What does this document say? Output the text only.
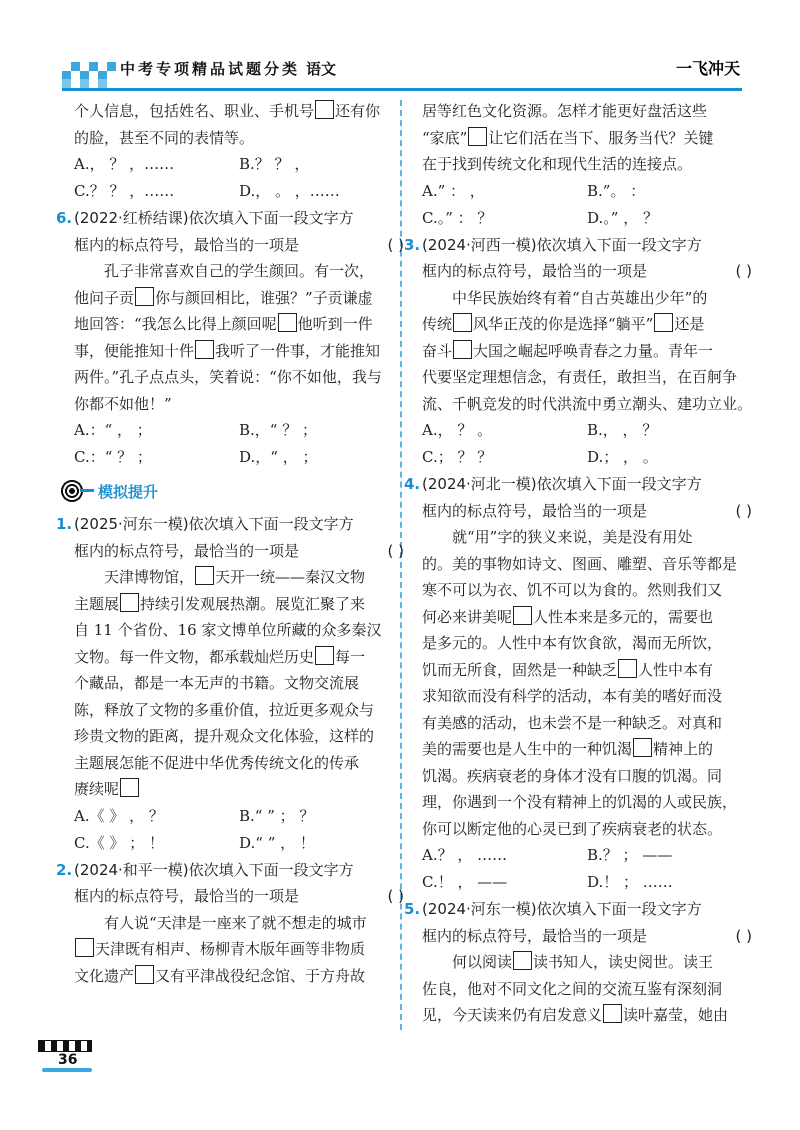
中考专项精品试题分类 语文	一飞冲天

个人信息，包括姓名、职业、手机号 还有你

的脸，甚至不同的表情等。

A.， ？ ，……	B.？ ？ ，
C.？ ？ ，……	D.， 。 ，……

6. (2022·红桥结课)依次填入下面一段文字方

框内的标点符号，最恰当的一项是	( )

孔子非常喜欢自己的学生颜回。有一次，

他问子贡 你与颜回相比，谁强？”子贡谦虚

地回答：“我怎么比得上颜回呢 他听到一件

事，便能推知十件 我听了一件事，才能推知

两件。”孔子点点头，笑着说：“你不如他，我与

你都不如他！”

A.：“ ， ；	B.，“ ？ ；
C.：“ ？ ；	D.，“ ， ；
模拟提升

1. (2025·河东一模)依次填入下面一段文字方

框内的标点符号，最恰当的一项是	( )

天津博物馆， 天开一统——秦汉文物

主题展 持续引发观展热潮。展览汇聚了来

自 11 个省份、16 家文博单位所藏的众多秦汉

文物。每一件文物，都承载灿烂历史 每一

个藏品，都是一本无声的书籍。文物交流展

陈，释放了文物的多重价值，拉近更多观众与

珍贵文物的距离，提升观众文化体验，这样的

主题展怎能不促进中华优秀传统文化的传承

赓续呢

A.《 》 ， ？	B.“ ” ； ？
C.《 》 ； ！	D.“ ” ， ！

2. (2024·和平一模)依次填入下面一段文字方

框内的标点符号，最恰当的一项是	( )

有人说“天津是一座来了就不想走的城市

天津既有相声、杨柳青木版年画等非物质

文化遗产 又有平津战役纪念馆、于方舟故

居等红色文化资源。怎样才能更好盘活这些

“家底” 让它们活在当下、服务当代？关键

在于找到传统文化和现代生活的连接点。

A.” ： ，	B.”。 ：
C.。” ： ？	D.。” ， ？

3. (2024·河西一模)依次填入下面一段文字方

框内的标点符号，最恰当的一项是	( )

中华民族始终有着“自古英雄出少年”的

传统 风华正茂的你是选择“躺平” 还是

奋斗 大国之崛起呼唤青春之力量。青年一

代要坚定理想信念，有责任，敢担当，在百舸争

流、千帆竞发的时代洪流中勇立潮头、建功立业。

A.， ？ 。	B.， ， ？
C.； ？ ？	D.； ， 。

4. (2024·河北一模)依次填入下面一段文字方

框内的标点符号，最恰当的一项是	( )

就“用”字的狭义来说，美是没有用处

的。美的事物如诗文、图画、雕塑、音乐等都是

寒不可以为衣、饥不可以为食的。然则我们又

何必来讲美呢 人性本来是多元的，需要也

是多元的。人性中本有饮食欲，渴而无所饮，

饥而无所食，固然是一种缺乏 人性中本有

求知欲而没有科学的活动，本有美的嗜好而没

有美感的活动，也未尝不是一种缺乏。对真和

美的需要也是人生中的一种饥渴 精神上的

饥渴。疾病衰老的身体才没有口腹的饥渴。同

理，你遇到一个没有精神上的饥渴的人或民族，

你可以断定他的心灵已到了疾病衰老的状态。

A.？ ， ……	B.？ ； ——
C.！ ， ——	D.！ ； ……

5. (2024·河东一模)依次填入下面一段文字方

框内的标点符号，最恰当的一项是	( )

何以阅读 读书知人，读史阅世。读王

佐良，他对不同文化之间的交流互鉴有深刻洞

见，今天读来仍有启发意义 读叶嘉莹，她由

36
